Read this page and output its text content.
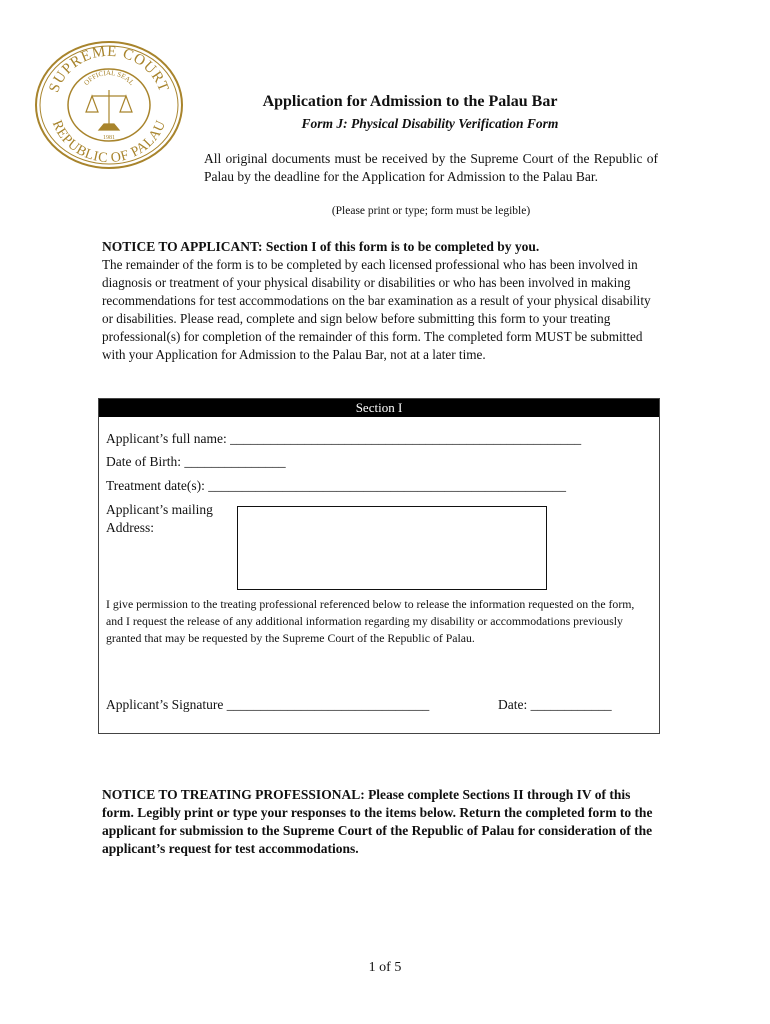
SUPREME COURT
REPUBLIC OF PALAU
OFFICIAL SEAL
1981
Application for Admission to the Palau Bar
Form J: Physical Disability Verification Form
All original documents must be received by the Supreme Court of the Republic of Palau by the deadline for the Application for Admission to the Palau Bar.
(Please print or type; form must be legible)
NOTICE TO APPLICANT: Section I of this form is to be completed by you.
The remainder of the form is to be completed by each licensed professional who has been involved in diagnosis or treatment of your physical disability or disabilities or who has been involved in making recommendations for test accommodations on the bar examination as a result of your physical disability or disabilities. Please read, complete and sign below before submitting this form to your treating professional(s) for completion of the remainder of this form. The completed form MUST be submitted with your Application for Admission to the Palau Bar, not at a later time.
Section I
Applicant’s full name: ____________________________________________________
Date of Birth: _______________
Treatment date(s): _____________________________________________________
Applicant’s mailing
Address:
I give permission to the treating professional referenced below to release the information requested on the form, and I request the release of any additional information regarding my disability or accommodations previously granted that may be requested by the Supreme Court of the Republic of Palau.
Applicant’s Signature ______________________________	Date: ____________
NOTICE TO TREATING PROFESSIONAL: Please complete Sections II through IV of this form. Legibly print or type your responses to the items below. Return the completed form to the applicant for submission to the Supreme Court of the Republic of Palau for consideration of the applicant’s request for test accommodations.
1 of 5
